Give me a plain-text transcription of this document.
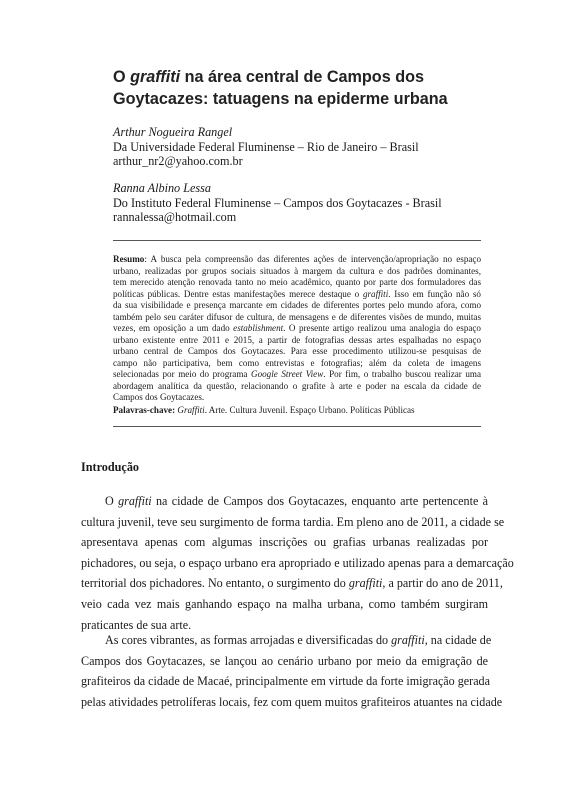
O graffiti na área central de Campos dos
Goytacazes: tatuagens na epiderme urbana
Arthur Nogueira Rangel
Da Universidade Federal Fluminense – Rio de Janeiro – Brasil
arthur_nr2@yahoo.com.br
Ranna Albino Lessa
Do Instituto Federal Fluminense – Campos dos Goytacazes - Brasil
rannalessa@hotmail.com
Resumo: A busca pela compreensão das diferentes ações de intervenção/apropriação no espaço
urbano, realizadas por grupos sociais situados à margem da cultura e dos padrões dominantes,
tem merecido atenção renovada tanto no meio acadêmico, quanto por parte dos formuladores das
políticas públicas. Dentre estas manifestações merece destaque o graffiti. Isso em função não só
da sua visibilidade e presença marcante em cidades de diferentes portes pelo mundo afora, como
também pelo seu caráter difusor de cultura, de mensagens e de diferentes visões de mundo, muitas
vezes, em oposição a um dado establishment. O presente artigo realizou uma analogia do espaço
urbano existente entre 2011 e 2015, a partir de fotografias dessas artes espalhadas no espaço
urbano central de Campos dos Goytacazes. Para esse procedimento utilizou-se pesquisas de
campo não participativa, bem como entrevistas e fotografias; além da coleta de imagens
selecionadas por meio do programa Google Street View. Por fim, o trabalho buscou realizar uma
abordagem analítica da questão, relacionando o grafite à arte e poder na escala da cidade de
Campos dos Goytacazes.
Palavras-chave: Graffiti. Arte. Cultura Juvenil. Espaço Urbano. Políticas Públicas
Introdução
O graffiti na cidade de Campos dos Goytacazes, enquanto arte pertencente à
cultura juvenil, teve seu surgimento de forma tardia. Em pleno ano de 2011, a cidade se
apresentava apenas com algumas inscrições ou grafias urbanas realizadas por
pichadores, ou seja, o espaço urbano era apropriado e utilizado apenas para a demarcação
territorial dos pichadores. No entanto, o surgimento do graffiti, a partir do ano de 2011,
veio cada vez mais ganhando espaço na malha urbana, como também surgiram
praticantes de sua arte.
As cores vibrantes, as formas arrojadas e diversificadas do graffiti, na cidade de
Campos dos Goytacazes, se lançou ao cenário urbano por meio da emigração de
grafiteiros da cidade de Macaé, principalmente em virtude da forte imigração gerada
pelas atividades petrolíferas locais, fez com quem muitos grafiteiros atuantes na cidade
